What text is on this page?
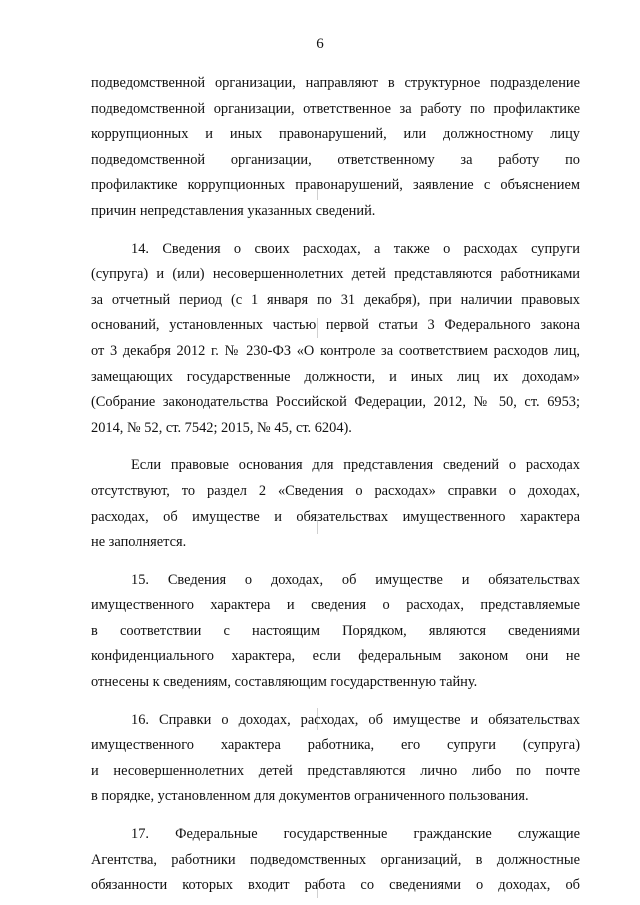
6
подведомственной организации, направляют в структурное подразделение
подведомственной организации, ответственное за работу по профилактике
коррупционных и иных правонарушений, или должностному лицу
подведомственной организации, ответственному за работу по
профилактике коррупционных правонарушений, заявление с объяснением
причин непредставления указанных сведений.
14. Сведения о своих расходах, а также о расходах супруги
(супруга) и (или) несовершеннолетних детей представляются работниками
за отчетный период (с 1 января по 31 декабря), при наличии правовых
оснований, установленных частью первой статьи 3 Федерального закона
от 3 декабря 2012 г. № 230-ФЗ «О контроле за соответствием расходов лиц,
замещающих государственные должности, и иных лиц их доходам»
(Собрание законодательства Российской Федерации, 2012, № 50, ст. 6953;
2014, № 52, ст. 7542; 2015, № 45, ст. 6204).
Если правовые основания для представления сведений о расходах
отсутствуют, то раздел 2 «Сведения о расходах» справки о доходах,
расходах, об имуществе и обязательствах имущественного характера
не заполняется.
15. Сведения о доходах, об имуществе и обязательствах
имущественного характера и сведения о расходах, представляемые
в соответствии с настоящим Порядком, являются сведениями
конфиденциального характера, если федеральным законом они не
отнесены к сведениям, составляющим государственную тайну.
16. Справки о доходах, расходах, об имуществе и обязательствах
имущественного характера работника, его супруги (супруга)
и несовершеннолетних детей представляются лично либо по почте
в порядке, установленном для документов ограниченного пользования.
17. Федеральные государственные гражданские служащие
Агентства, работники подведомственных организаций, в должностные
обязанности которых входит работа со сведениями о доходах, об
